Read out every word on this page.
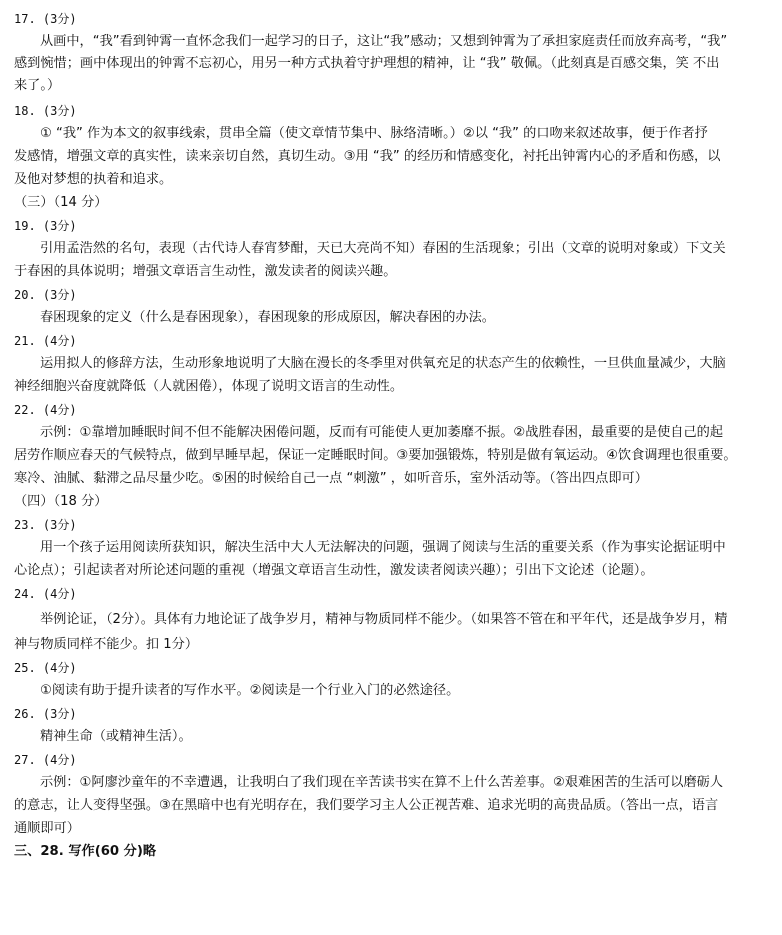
17. (3分)
从画中，“我”看到钟霄一直怀念我们一起学习的日子，这让“我”感动；又想到钟霄为了承担家庭责任而放弃高考，“我”
感到惋惜；画中体现出的钟霄不忘初心，用另一种方式执着守护理想的精神，让 “我” 敬佩。（此刻真是百感交集，笑 不出
来了。）
18. (3分)
① “我” 作为本文的叙事线索，贯串全篇（使文章情节集中、脉络清晰。）②以 “我” 的口吻来叙述故事，便于作者抒
发感情，增强文章的真实性，读来亲切自然，真切生动。③用 “我” 的经历和情感变化，衬托出钟霄内心的矛盾和伤感，以
及他对梦想的执着和追求。
（三）（14 分）
19. (3分)
引用孟浩然的名句，表现（古代诗人春宵梦酣，天已大亮尚不知）春困的生活现象；引出（文章的说明对象或）下文关
于春困的具体说明；增强文章语言生动性，激发读者的阅读兴趣。
20. (3分)
春困现象的定义（什么是春困现象），春困现象的形成原因，解决春困的办法。
21. (4分)
运用拟人的修辞方法，生动形象地说明了大脑在漫长的冬季里对供氧充足的状态产生的依赖性，一旦供血量减少，大脑
神经细胞兴奋度就降低（人就困倦），体现了说明文语言的生动性。
22. (4分)
示例：①靠增加睡眠时间不但不能解决困倦问题，反而有可能使人更加萎靡不振。②战胜春困，最重要的是使自己的起
居劳作顺应春天的气候特点，做到早睡早起，保证一定睡眠时间。③要加强锻炼，特别是做有氧运动。④饮食调理也很重要。
寒冷、油腻、黏滞之品尽量少吃。⑤困的时候给自己一点 “刺激” ，如听音乐，室外活动等。（答出四点即可）
（四）（18 分）
23. (3分)
用一个孩子运用阅读所获知识，解决生活中大人无法解决的问题，强调了阅读与生活的重要关系（作为事实论据证明中
心论点）；引起读者对所论述问题的重视（增强文章语言生动性，激发读者阅读兴趣）；引出下文论述（论题）。
24. (4分)
举例论证，（2分）。具体有力地论证了战争岁月，精神与物质同样不能少。（如果答不管在和平年代，还是战争岁月，精
神与物质同样不能少。扣 1分）
25. (4分)
①阅读有助于提升读者的写作水平。②阅读是一个行业入门的必然途径。
26. (3分)
精神生命（或精神生活）。
27. (4分)
示例：①阿廖沙童年的不幸遭遇，让我明白了我们现在辛苦读书实在算不上什么苦差事。②艰难困苦的生活可以磨砺人
的意志，让人变得坚强。③在黑暗中也有光明存在，我们要学习主人公正视苦难、追求光明的高贵品质。（答出一点，语言
通顺即可）
三、28. 写作(60 分)略
